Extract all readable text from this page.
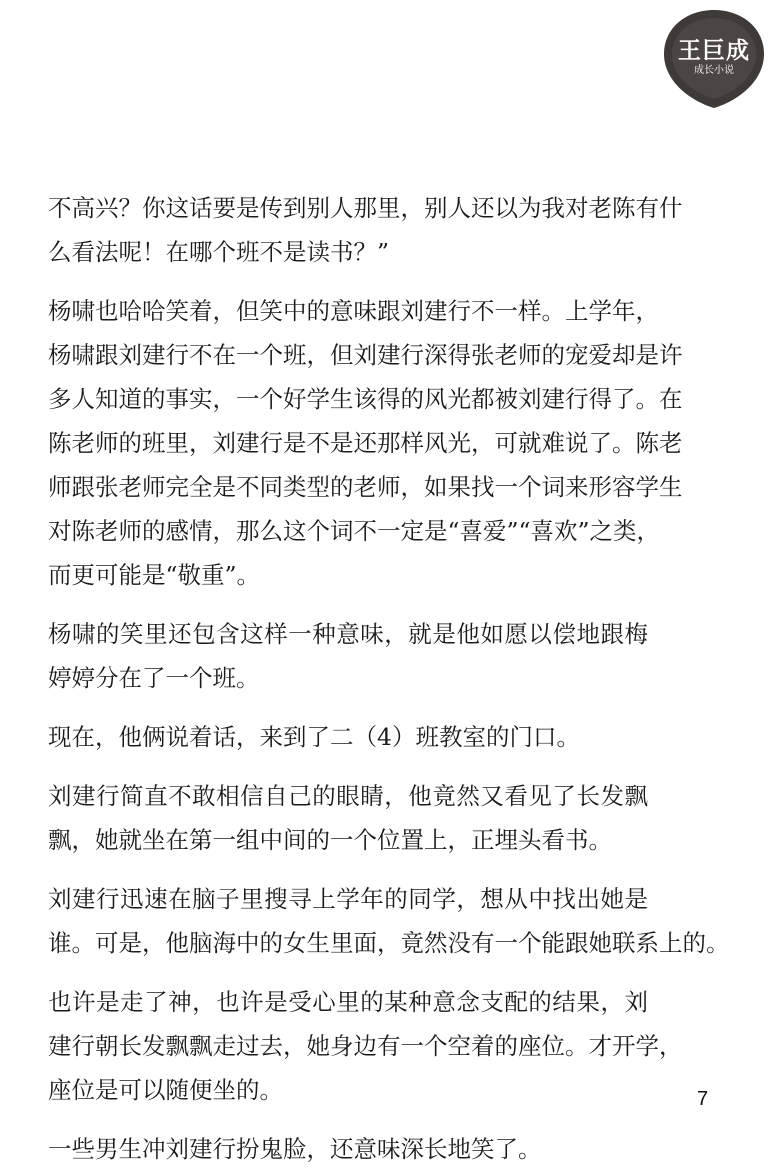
王巨成
成长小说
不高兴？你这话要是传到别人那里，别人还以为我对老陈有什
么看法呢！在哪个班不是读书？”
杨啸也哈哈笑着，但笑中的意味跟刘建行不一样。上学年，
杨啸跟刘建行不在一个班，但刘建行深得张老师的宠爱却是许
多人知道的事实，一个好学生该得的风光都被刘建行得了。在
陈老师的班里，刘建行是不是还那样风光，可就难说了。陈老
师跟张老师完全是不同类型的老师，如果找一个词来形容学生
对陈老师的感情，那么这个词不一定是“喜爱”“喜欢”之类，
而更可能是“敬重”。
杨啸的笑里还包含这样一种意味，就是他如愿以偿地跟梅
婷婷分在了一个班。
现在，他俩说着话，来到了二（4）班教室的门口。
刘建行简直不敢相信自己的眼睛，他竟然又看见了长发飘
飘，她就坐在第一组中间的一个位置上，正埋头看书。
刘建行迅速在脑子里搜寻上学年的同学，想从中找出她是
谁。可是，他脑海中的女生里面，竟然没有一个能跟她联系上的。
也许是走了神，也许是受心里的某种意念支配的结果，刘
建行朝长发飘飘走过去，她身边有一个空着的座位。才开学，
座位是可以随便坐的。
一些男生冲刘建行扮鬼脸，还意味深长地笑了。
7
